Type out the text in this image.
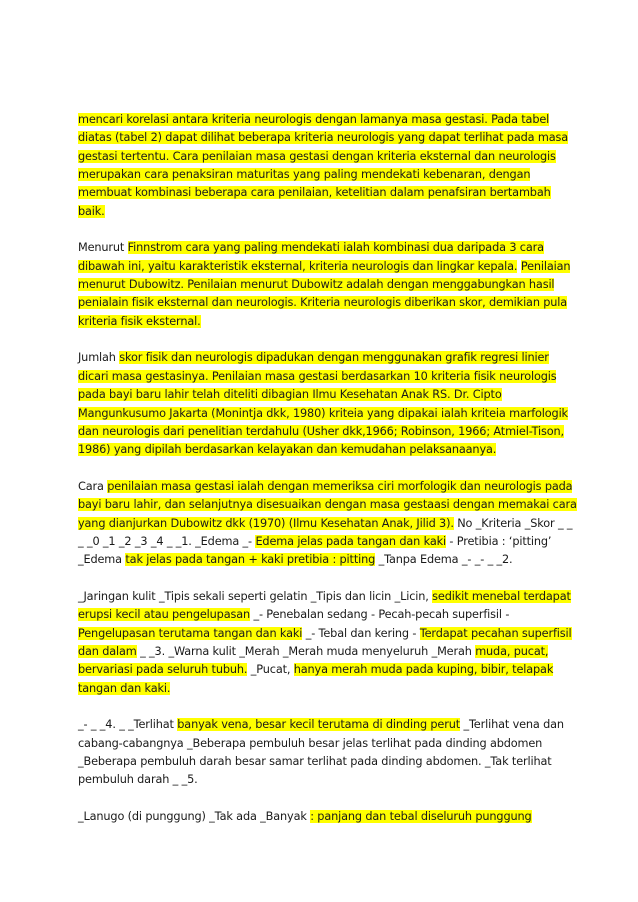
mencari korelasi antara kriteria neurologis dengan lamanya masa gestasi. Pada tabel diatas (tabel 2) dapat dilihat beberapa kriteria neurologis yang dapat terlihat pada masa gestasi tertentu. Cara penilaian masa gestasi dengan kriteria eksternal dan neurologis merupakan cara penaksiran maturitas yang paling mendekati kebenaran, dengan membuat kombinasi beberapa cara penilaian, ketelitian dalam penafsiran bertambah baik.

Menurut Finnstrom cara yang paling mendekati ialah kombinasi dua daripada 3 cara dibawah ini, yaitu karakteristik eksternal, kriteria neurologis dan lingkar kepala. Penilaian menurut Dubowitz. Penilaian menurut Dubowitz adalah dengan menggabungkan hasil penialain fisik eksternal dan neurologis. Kriteria neurologis diberikan skor, demikian pula kriteria fisik eksternal.

Jumlah skor fisik dan neurologis dipadukan dengan menggunakan grafik regresi linier dicari masa gestasinya. Penilaian masa gestasi berdasarkan 10 kriteria fisik neurologis pada bayi baru lahir telah diteliti dibagian Ilmu Kesehatan Anak RS. Dr. Cipto Mangunkusumo Jakarta (Monintja dkk, 1980) kriteia yang dipakai ialah kriteia marfologik dan neurologis dari penelitian terdahulu (Usher dkk,1966; Robinson, 1966; Atmiel-Tison, 1986) yang dipilah berdasarkan kelayakan dan kemudahan pelaksanaanya.

Cara penilaian masa gestasi ialah dengan memeriksa ciri morfologik dan neurologis pada bayi baru lahir, dan selanjutnya disesuaikan dengan masa gestaasi dengan memakai cara yang dianjurkan Dubowitz dkk (1970) (Ilmu Kesehatan Anak, Jilid 3). No _Kriteria _Skor _ _ _ _0 _1 _2 _3 _4 _ _1. _Edema _- Edema jelas pada tangan dan kaki - Pretibia : ‘pitting’ _Edema tak jelas pada tangan + kaki pretibia : pitting _Tanpa Edema _- _- _ _2.

_Jaringan kulit _Tipis sekali seperti gelatin _Tipis dan licin _Licin, sedikit menebal terdapat erupsi kecil atau pengelupasan _- Penebalan sedang - Pecah-pecah superfisil - Pengelupasan terutama tangan dan kaki _- Tebal dan kering - Terdapat pecahan superfisil dan dalam _ _3. _Warna kulit _Merah _Merah muda menyeluruh _Merah muda, pucat, bervariasi pada seluruh tubuh. _Pucat, hanya merah muda pada kuping, bibir, telapak tangan dan kaki.

_- _ _4. _ _Terlihat banyak vena, besar kecil terutama di dinding perut _Terlihat vena dan cabang-cabangnya _Beberapa pembuluh besar jelas terlihat pada dinding abdomen _Beberapa pembuluh darah besar samar terlihat pada dinding abdomen. _Tak terlihat pembuluh darah _ _5.

_Lanugo (di punggung) _Tak ada _Banyak : panjang dan tebal diseluruh punggung
